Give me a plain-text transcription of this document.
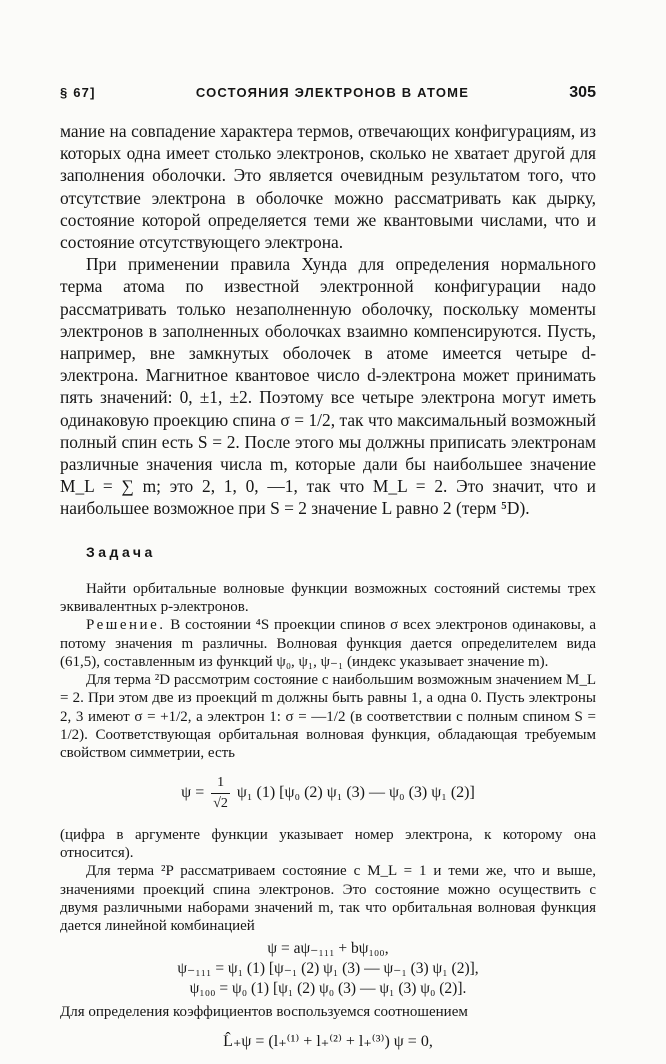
§ 67]	СОСТОЯНИЯ ЭЛЕКТРОНОВ В АТОМЕ	305

мание на совпадение характера термов, отвечающих конфигурациям, из которых одна имеет столько электронов, сколько не хватает другой для заполнения оболочки. Это является очевидным результатом того, что отсутствие электрона в оболочке можно рассматривать как дырку, состояние которой определяется теми же квантовыми числами, что и состояние отсутствующего электрона.

При применении правила Хунда для определения нормального терма атома по известной электронной конфигурации надо рассматривать только незаполненную оболочку, поскольку моменты электронов в заполненных оболочках взаимно компенсируются. Пусть, например, вне замкнутых оболочек в атоме имеется четыре d-электрона. Магнитное квантовое число d-электрона может принимать пять значений: 0, ±1, ±2. Поэтому все четыре электрона могут иметь одинаковую проекцию спина σ = 1/2, так что максимальный возможный полный спин есть S = 2. После этого мы должны приписать электронам различные значения числа m, которые дали бы наибольшее значение M_L = ∑ m; это 2, 1, 0, —1, так что M_L = 2. Это значит, что и наибольшее возможное при S = 2 значение L равно 2 (терм ⁵D).

Задача

Найти орбитальные волновые функции возможных состояний системы трех эквивалентных p-электронов.

Решение. В состоянии ⁴S проекции спинов σ всех электронов одинаковы, а потому значения m различны. Волновая функция дается определителем вида (61,5), составленным из функций ψ₀, ψ₁, ψ₋₁ (индекс указывает значение m).

Для терма ²D рассмотрим состояние с наибольшим возможным значением M_L = 2. При этом две из проекций m должны быть равны 1, а одна 0. Пусть электроны 2, 3 имеют σ = +1/2, а электрон 1: σ = —1/2 (в соответствии с полным спином S = 1/2). Соответствующая орбитальная волновая функция, обладающая требуемым свойством симметрии, есть

$\psi = \frac{1}{√2} \psi_1$ (1) [ψ₀ (2) ψ₁ (3) — ψ₀ (3) ψ₁ (2)]

(цифра в аргументе функции указывает номер электрона, к которому она относится).

Для терма ²P рассматриваем состояние с M_L = 1 и теми же, что и выше, значениями проекций спина электронов. Это состояние можно осуществить с двумя различными наборами значений m, так что орбитальная волновая функция дается линейной комбинацией

ψ = aψ₋₁₁₁ + bψ₁₀₀,
ψ₋₁₁₁ = ψ₁ (1) [ψ₋₁ (2) ψ₁ (3) — ψ₋₁ (3) ψ₁ (2)],
ψ₁₀₀ = ψ₀ (1) [ψ₁ (2) ψ₀ (3) — ψ₁ (3) ψ₀ (2)].

Для определения коэффициентов воспользуемся соотношением

L̂₊ψ = (l₊⁽¹⁾ + l₊⁽²⁾ + l₊⁽³⁾) ψ = 0,
